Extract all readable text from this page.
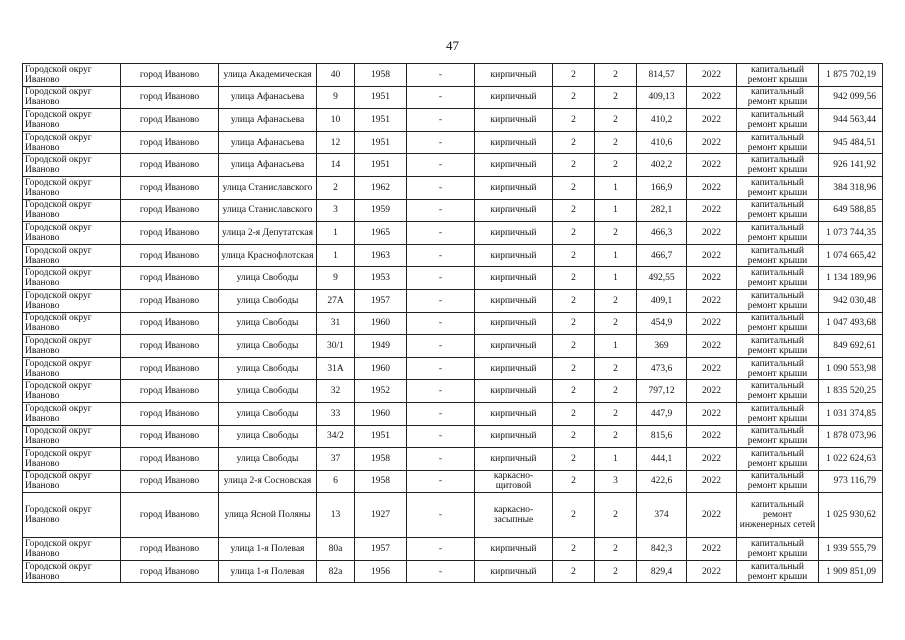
47
Городской округ Иваново	город Иваново	улица Академическая	40	1958	-	кирпичный	2	2	814,57	2022	капитальный ремонт крыши	1 875 702,19
Городской округ Иваново	город Иваново	улица Афанасьева	9	1951	-	кирпичный	2	2	409,13	2022	капитальный ремонт крыши	942 099,56
Городской округ Иваново	город Иваново	улица Афанасьева	10	1951	-	кирпичный	2	2	410,2	2022	капитальный ремонт крыши	944 563,44
Городской округ Иваново	город Иваново	улица Афанасьева	12	1951	-	кирпичный	2	2	410,6	2022	капитальный ремонт крыши	945 484,51
Городской округ Иваново	город Иваново	улица Афанасьева	14	1951	-	кирпичный	2	2	402,2	2022	капитальный ремонт крыши	926 141,92
Городской округ Иваново	город Иваново	улица Станиславского	2	1962	-	кирпичный	2	1	166,9	2022	капитальный ремонт крыши	384 318,96
Городской округ Иваново	город Иваново	улица Станиславского	3	1959	-	кирпичный	2	1	282,1	2022	капитальный ремонт крыши	649 588,85
Городской округ Иваново	город Иваново	улица 2-я Депутатская	1	1965	-	кирпичный	2	2	466,3	2022	капитальный ремонт крыши	1 073 744,35
Городской округ Иваново	город Иваново	улица Краснофлотская	1	1963	-	кирпичный	2	1	466,7	2022	капитальный ремонт крыши	1 074 665,42
Городской округ Иваново	город Иваново	улица Свободы	9	1953	-	кирпичный	2	1	492,55	2022	капитальный ремонт крыши	1 134 189,96
Городской округ Иваново	город Иваново	улица Свободы	27А	1957	-	кирпичный	2	2	409,1	2022	капитальный ремонт крыши	942 030,48
Городской округ Иваново	город Иваново	улица Свободы	31	1960	-	кирпичный	2	2	454,9	2022	капитальный ремонт крыши	1 047 493,68
Городской округ Иваново	город Иваново	улица Свободы	30/1	1949	-	кирпичный	2	1	369	2022	капитальный ремонт крыши	849 692,61
Городской округ Иваново	город Иваново	улица Свободы	31А	1960	-	кирпичный	2	2	473,6	2022	капитальный ремонт крыши	1 090 553,98
Городской округ Иваново	город Иваново	улица Свободы	32	1952	-	кирпичный	2	2	797,12	2022	капитальный ремонт крыши	1 835 520,25
Городской округ Иваново	город Иваново	улица Свободы	33	1960	-	кирпичный	2	2	447,9	2022	капитальный ремонт крыши	1 031 374,85
Городской округ Иваново	город Иваново	улица Свободы	34/2	1951	-	кирпичный	2	2	815,6	2022	капитальный ремонт крыши	1 878 073,96
Городской округ Иваново	город Иваново	улица Свободы	37	1958	-	кирпичный	2	1	444,1	2022	капитальный ремонт крыши	1 022 624,63
Городской округ Иваново	город Иваново	улица 2-я Сосновская	6	1958	-	каркасно-щитовой	2	3	422,6	2022	капитальный ремонт крыши	973 116,79
Городской округ Иваново	город Иваново	улица Ясной Поляны	13	1927	-	каркасно-засыпные	2	2	374	2022	капитальный ремонт инженерных сетей	1 025 930,62
Городской округ Иваново	город Иваново	улица 1-я Полевая	80а	1957	-	кирпичный	2	2	842,3	2022	капитальный ремонт крыши	1 939 555,79
Городской округ Иваново	город Иваново	улица 1-я Полевая	82а	1956	-	кирпичный	2	2	829,4	2022	капитальный ремонт крыши	1 909 851,09
